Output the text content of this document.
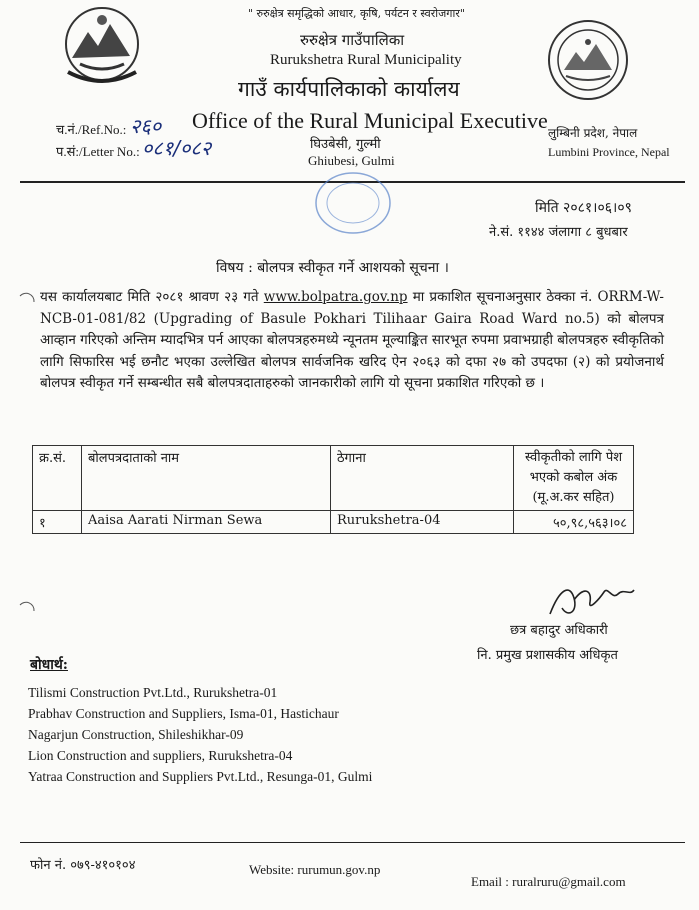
" रुरुक्षेत्र समृद्धिको आधार, कृषि, पर्यटन र स्वरोजगार"
रुरुक्षेत्र गाउँपालिका
Rurukshetra Rural Municipality
गाउँ कार्यपालिकाको कार्यालय
Office of the Rural Municipal Executive
घिउबेसी, गुल्मी
Ghiubesi, Gulmi
च.नं./Ref.No.: २६०
प.सं:/Letter No.: ०८१/०८२
लुम्बिनी प्रदेश, नेपाल
Lumbini Province, Nepal
मिति २०८१।०६।०९
ने.सं. ११४४ जंलागा ८ बुधबार
विषय : बोलपत्र स्वीकृत गर्ने आशयको सूचना ।

यस कार्यालयबाट मिति २०८१ श्रावण २३ गते www.bolpatra.gov.np मा प्रकाशित सूचनाअनुसार ठेक्का नं. ORRM-W-NCB-01-081/82 (Upgrading of Basule Pokhari Tilihaar Gaira Road Ward no.5) को बोलपत्र आव्हान गरिएको अन्तिम म्यादभित्र पर्न आएका बोलपत्रहरुमध्ये न्यूनतम मूल्याङ्कित सारभूत रुपमा प्रवाभग्राही बोलपत्रहरु स्वीकृतिको लागि सिफारिस भई छनौट भएका उल्लेखित बोलपत्र सार्वजनिक खरिद ऐन २०६३ को दफा २७ को उपदफा (२) को प्रयोजनार्थ बोलपत्र स्वीकृत गर्ने सम्बन्धीत सबै बोलपत्रदाताहरुको जानकारीको लागि यो सूचना प्रकाशित गरिएको छ ।

क्र.सं.	बोलपत्रदाताको नाम	ठेगाना	स्वीकृतीको लागि पेश भएको कबोल अंक (मू.अ.कर सहित)
१	Aaisa Aarati Nirman Sewa	Rurukshetra-04	५०,९८,५६३।०८
छत्र बहादुर अधिकारी
नि. प्रमुख प्रशासकीय अधिकृत
बोधार्थ:
Tilismi Construction Pvt.Ltd., Rurukshetra-01
Prabhav Construction and Suppliers, Isma-01, Hastichaur
Nagarjun Construction, Shileshikhar-09
Lion Construction and suppliers, Rurukshetra-04
Yatraa Construction and Suppliers Pvt.Ltd., Resunga-01, Gulmi
फोन नं. ०७९-४१०१०४	Website: rurumun.gov.np
Email : ruralruru@gmail.com
